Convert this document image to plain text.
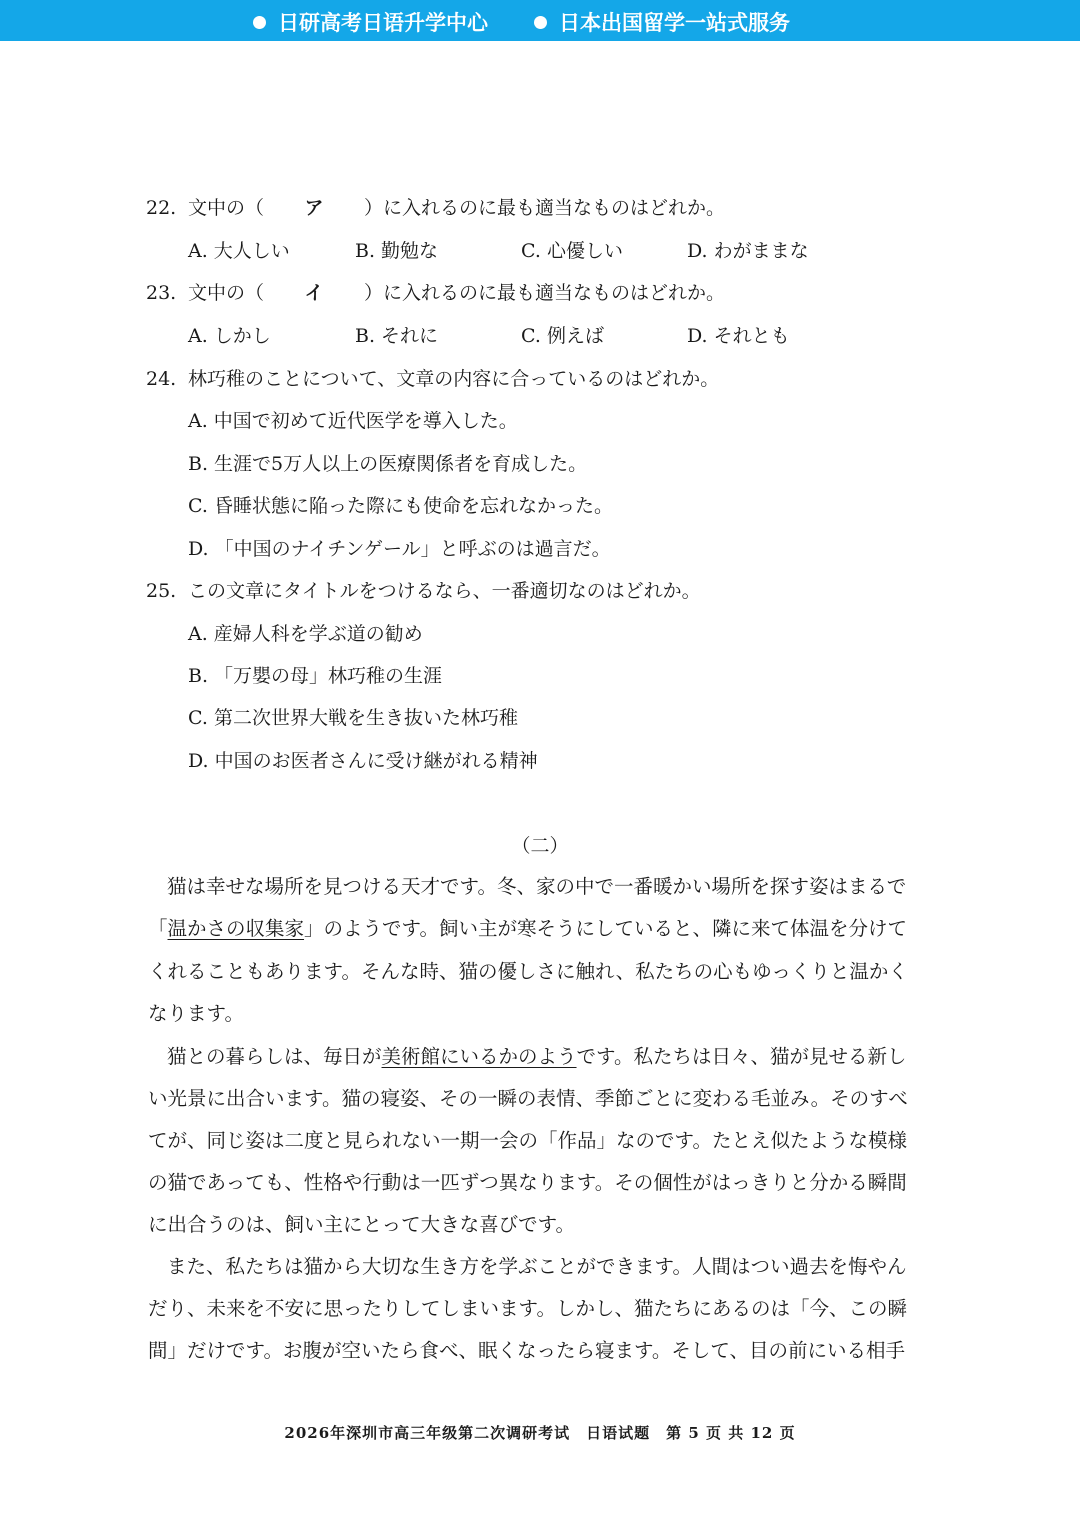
日研高考日语升学中心	日本出国留学一站式服务
22. 文中の（ ア ）に入れるのに最も適当なものはどれか。
A. 大人しい	B. 勤勉な	C. 心優しい	D. わがままな
23. 文中の（ イ ）に入れるのに最も適当なものはどれか。
A. しかし	B. それに	C. 例えば	D. それとも
24. 林巧稚のことについて、文章の内容に合っているのはどれか。
A. 中国で初めて近代医学を導入した。
B. 生涯で5万人以上の医療関係者を育成した。
C. 昏睡状態に陥った際にも使命を忘れなかった。
D. 「中国のナイチンゲール」と呼ぶのは過言だ。
25. この文章にタイトルをつけるなら、一番適切なのはどれか。
A. 産婦人科を学ぶ道の勧め
B. 「万嬰の母」林巧稚の生涯
C. 第二次世界大戦を生き抜いた林巧稚
D. 中国のお医者さんに受け継がれる精神
（二）
猫は幸せな場所を見つける天才です。冬、家の中で一番暖かい場所を探す姿はまるで
「温かさの収集家」のようです。飼い主が寒そうにしていると、隣に来て体温を分けて
くれることもあります。そんな時、猫の優しさに触れ、私たちの心もゆっくりと温かく
なります。
猫との暮らしは、毎日が美術館にいるかのようです。私たちは日々、猫が見せる新し
い光景に出合います。猫の寝姿、その一瞬の表情、季節ごとに変わる毛並み。そのすべ
てが、同じ姿は二度と見られない一期一会の「作品」なのです。たとえ似たような模様
の猫であっても、性格や行動は一匹ずつ異なります。その個性がはっきりと分かる瞬間
に出合うのは、飼い主にとって大きな喜びです。
また、私たちは猫から大切な生き方を学ぶことができます。人間はつい過去を悔やん
だり、未来を不安に思ったりしてしまいます。しかし、猫たちにあるのは「今、この瞬
間」だけです。お腹が空いたら食べ、眠くなったら寝ます。そして、目の前にいる相手
2026年深圳市高三年级第二次调研考试　日语试题　第 5 页 共 12 页
